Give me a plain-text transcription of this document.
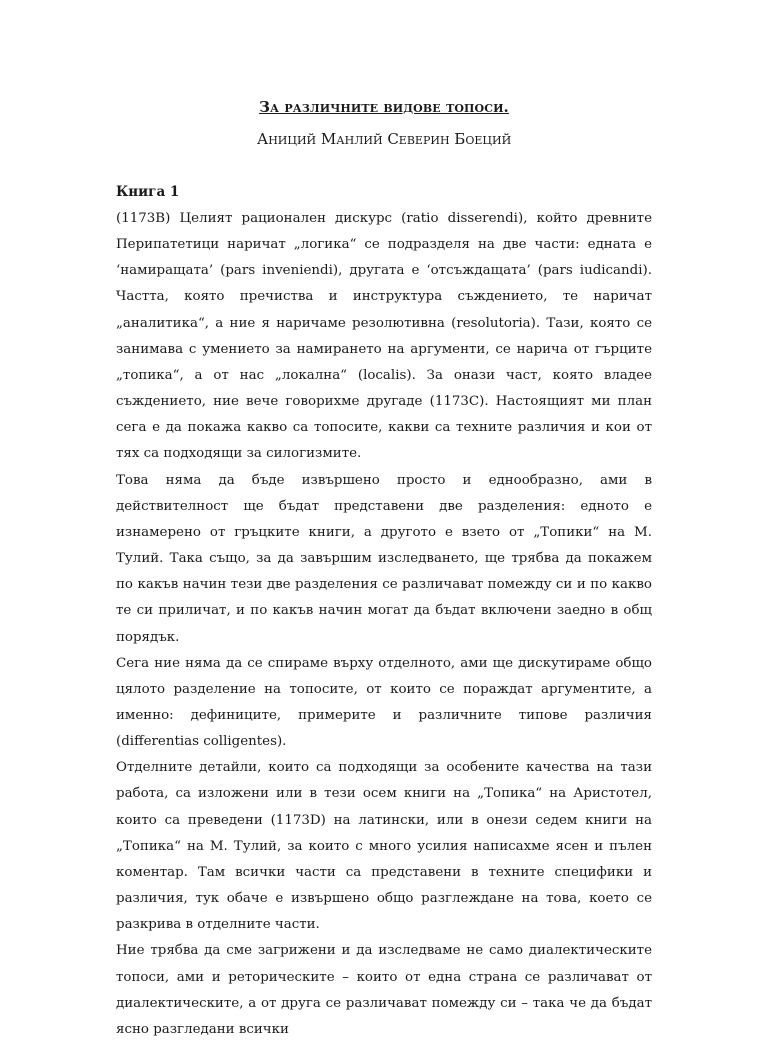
За различните видове топоси.
Аниций Манлий Северин Боеций
Книга 1

(1173B) Целият рационален дискурс (ratio disserendi), който древните Перипатетици наричат „логика“ се подразделя на две части: едната е ‘намиращата’ (pars inveniendi), другата е ‘отсъждащата’ (pars iudicandi). Частта, която пречиства и инструктура съждението, те наричат „аналитика“, а ние я наричаме резолютивна (resolutoria). Тази, която се занимава с умението за намирането на аргументи, се нарича от гърците „топика“, а от нас „локална“ (localis). За онази част, която владее съждението, ние вече говорихме другаде (1173C). Настоящият ми план сега е да покажа какво са топосите, какви са техните различия и кои от тях са подходящи за силогизмите.

Това няма да бъде извършено просто и еднообразно, ами в действителност ще бъдат представени две разделения: едното е изнамерено от гръцките книги, а другото е взето от „Топики“ на М. Тулий. Така също, за да завършим изследването, ще трябва да покажем по какъв начин тези две разделения се различават помежду си и по какво те си приличат, и по какъв начин могат да бъдат включени заедно в общ порядък.

Сега ние няма да се спираме върху отделното, ами ще дискутираме общо цялото разделение на топосите, от които се пораждат аргументите, а именно: дефиниците, примерите и различните типове различия (differentias colligentes).

Отделните детайли, които са подходящи за особените качества на тази работа, са изложени или в тези осем книги на „Топика“ на Аристотел, които са преведени (1173D) на латински, или в онези седем книги на „Топика“ на М. Тулий, за които с много усилия написахме ясен и пълен коментар. Там всички части са представени в техните специфики и различия, тук обаче е извършено общо разглеждане на това, което се разкрива в отделните части.

Ние трябва да сме загрижени и да изследваме не само диалектическите топоси, ами и реторическите – които от една страна се различават от диалектическите, а от друга се различават помежду си – така че да бъдат ясно разгледани всички
